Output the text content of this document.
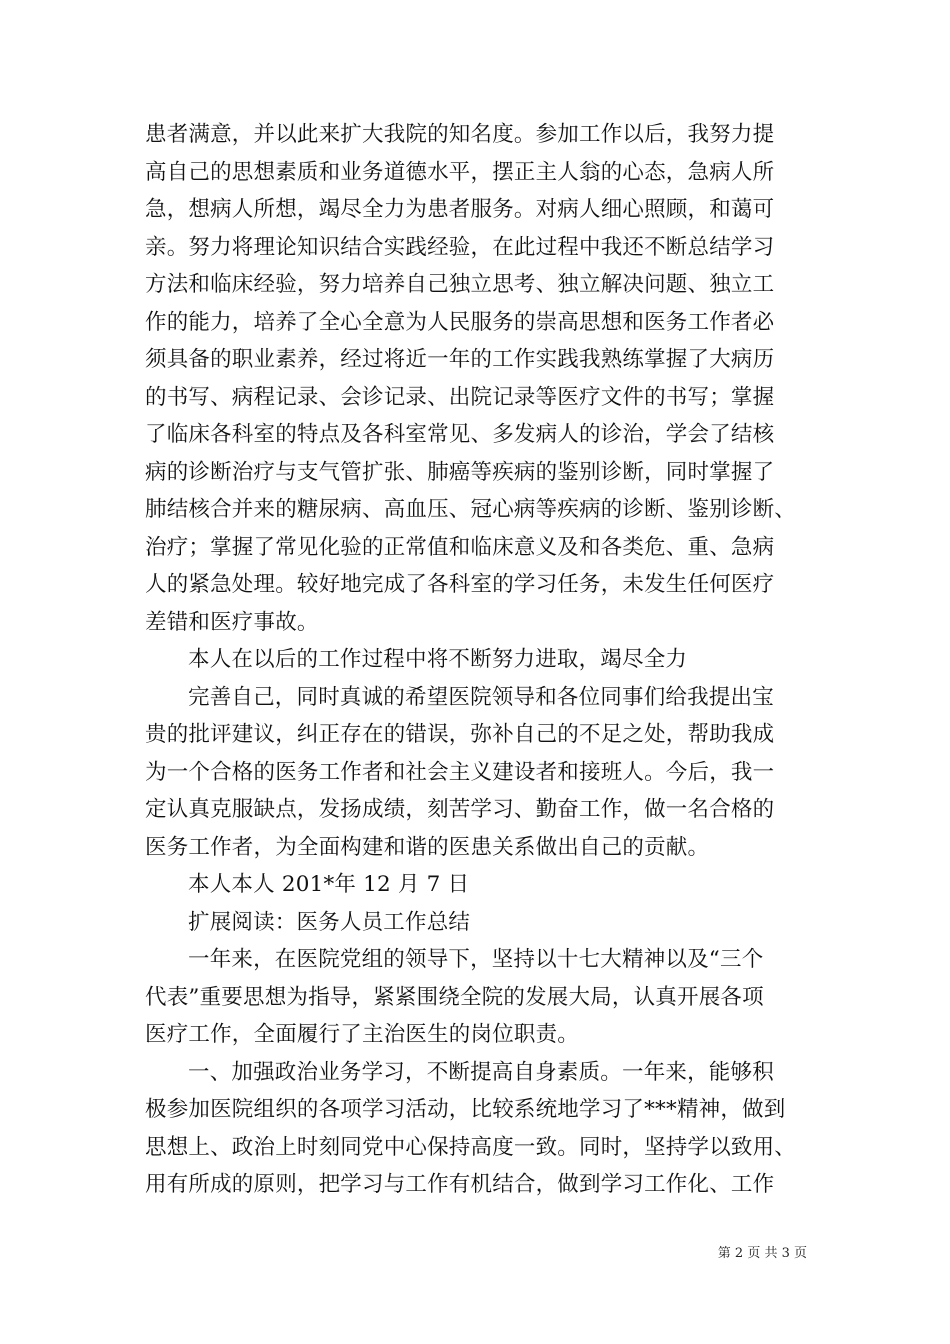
患者满意，并以此来扩大我院的知名度。参加工作以后，我努力提
高自己的思想素质和业务道德水平，摆正主人翁的心态，急病人所
急，想病人所想，竭尽全力为患者服务。对病人细心照顾，和蔼可
亲。努力将理论知识结合实践经验，在此过程中我还不断总结学习
方法和临床经验，努力培养自己独立思考、独立解决问题、独立工
作的能力，培养了全心全意为人民服务的崇高思想和医务工作者必
须具备的职业素养，经过将近一年的工作实践我熟练掌握了大病历
的书写、病程记录、会诊记录、出院记录等医疗文件的书写；掌握
了临床各科室的特点及各科室常见、多发病人的诊治，学会了结核
病的诊断治疗与支气管扩张、肺癌等疾病的鉴别诊断，同时掌握了
肺结核合并来的糖尿病、高血压、冠心病等疾病的诊断、鉴别诊断、
治疗；掌握了常见化验的正常值和临床意义及和各类危、重、急病
人的紧急处理。较好地完成了各科室的学习任务，未发生任何医疗
差错和医疗事故。
本人在以后的工作过程中将不断努力进取，竭尽全力
完善自己，同时真诚的希望医院领导和各位同事们给我提出宝
贵的批评建议，纠正存在的错误，弥补自己的不足之处，帮助我成
为一个合格的医务工作者和社会主义建设者和接班人。今后，我一
定认真克服缺点，发扬成绩，刻苦学习、勤奋工作，做一名合格的
医务工作者，为全面构建和谐的医患关系做出自己的贡献。
本人本人 201*年 12 月 7 日
扩展阅读：医务人员工作总结
一年来，在医院党组的领导下，坚持以十七大精神以及“三个
代表”重要思想为指导，紧紧围绕全院的发展大局，认真开展各项
医疗工作，全面履行了主治医生的岗位职责。
一、加强政治业务学习，不断提高自身素质。一年来，能够积
极参加医院组织的各项学习活动，比较系统地学习了***精神，做到
思想上、政治上时刻同党中心保持高度一致。同时，坚持学以致用、
用有所成的原则，把学习与工作有机结合，做到学习工作化、工作
第 2 页 共 3 页
